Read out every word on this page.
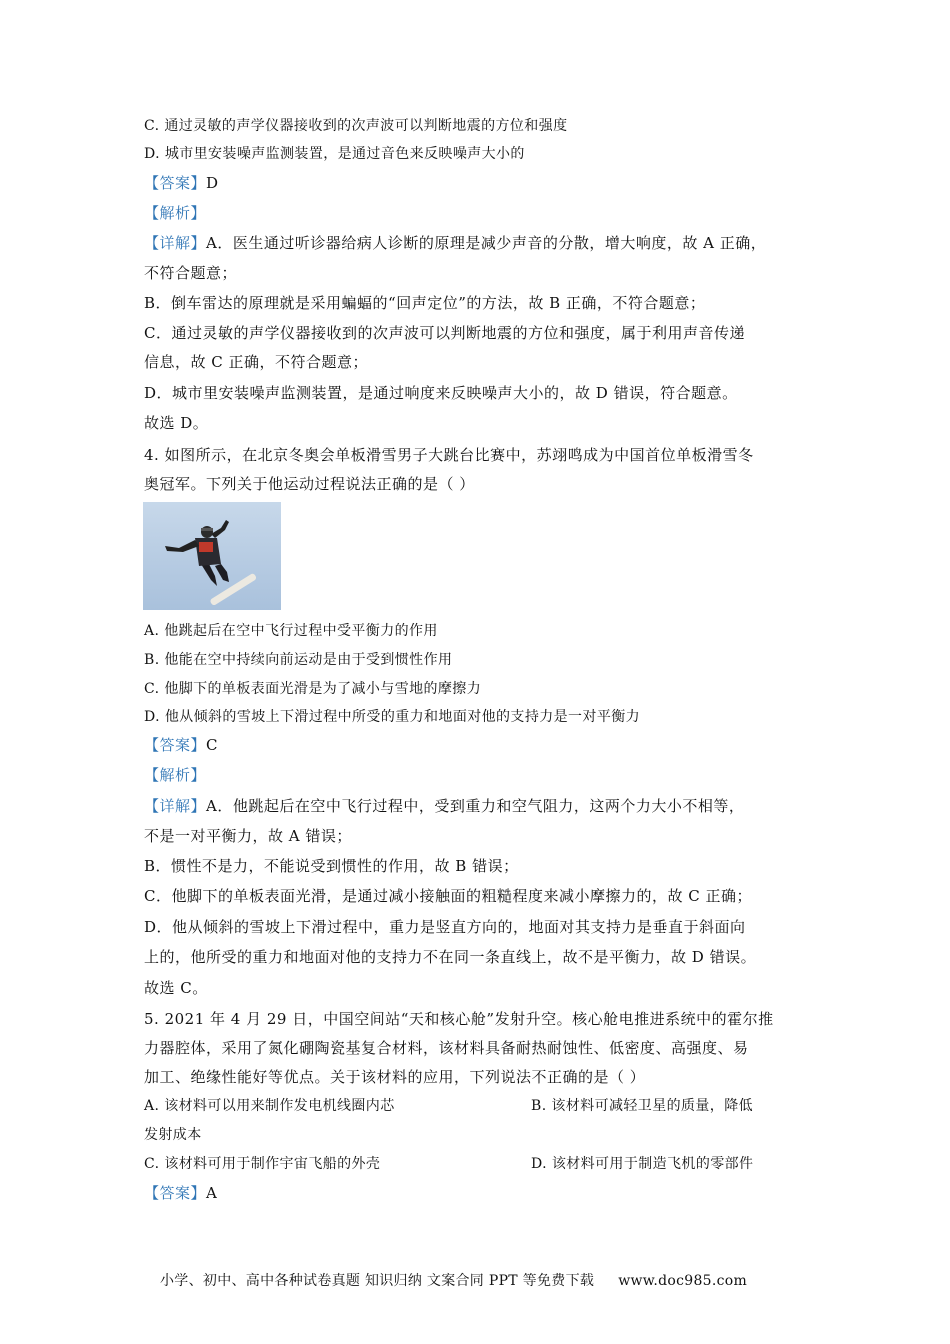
C. 通过灵敏的声学仪器接收到的次声波可以判断地震的方位和强度
D. 城市里安装噪声监测装置，是通过音色来反映噪声大小的
【答案】D
【解析】
【详解】A．医生通过听诊器给病人诊断的原理是减少声音的分散，增大响度，故 A 正确，
不符合题意；
B．倒车雷达的原理就是采用蝙蝠的“回声定位”的方法，故 B 正确，不符合题意；
C．通过灵敏的声学仪器接收到的次声波可以判断地震的方位和强度，属于利用声音传递
信息，故 C 正确，不符合题意；
D．城市里安装噪声监测装置，是通过响度来反映噪声大小的，故 D 错误，符合题意。
故选 D。
4. 如图所示，在北京冬奥会单板滑雪男子大跳台比赛中，苏翊鸣成为中国首位单板滑雪冬
奥冠军。下列关于他运动过程说法正确的是（ ）
A. 他跳起后在空中飞行过程中受平衡力的作用
B. 他能在空中持续向前运动是由于受到惯性作用
C. 他脚下的单板表面光滑是为了减小与雪地的摩擦力
D. 他从倾斜的雪坡上下滑过程中所受的重力和地面对他的支持力是一对平衡力
【答案】C
【解析】
【详解】A．他跳起后在空中飞行过程中，受到重力和空气阻力，这两个力大小不相等，
不是一对平衡力，故 A 错误；
B．惯性不是力，不能说受到惯性的作用，故 B 错误；
C．他脚下的单板表面光滑，是通过减小接触面的粗糙程度来减小摩擦力的，故 C 正确；
D．他从倾斜的雪坡上下滑过程中，重力是竖直方向的，地面对其支持力是垂直于斜面向
上的，他所受的重力和地面对他的支持力不在同一条直线上，故不是平衡力，故 D 错误。
故选 C。
5. 2021 年 4 月 29 日，中国空间站“天和核心舱”发射升空。核心舱电推进系统中的霍尔推
力器腔体，采用了氮化硼陶瓷基复合材料，该材料具备耐热耐蚀性、低密度、高强度、易
加工、绝缘性能好等优点。关于该材料的应用，下列说法不正确的是（ ）
A. 该材料可以用来制作发电机线圈内芯	B. 该材料可减轻卫星的质量，降低
发射成本
C. 该材料可用于制作宇宙飞船的外壳	D. 该材料可用于制造飞机的零部件
【答案】A
小学、初中、高中各种试卷真题 知识归纳 文案合同 PPT 等免费下载 www.doc985.com
